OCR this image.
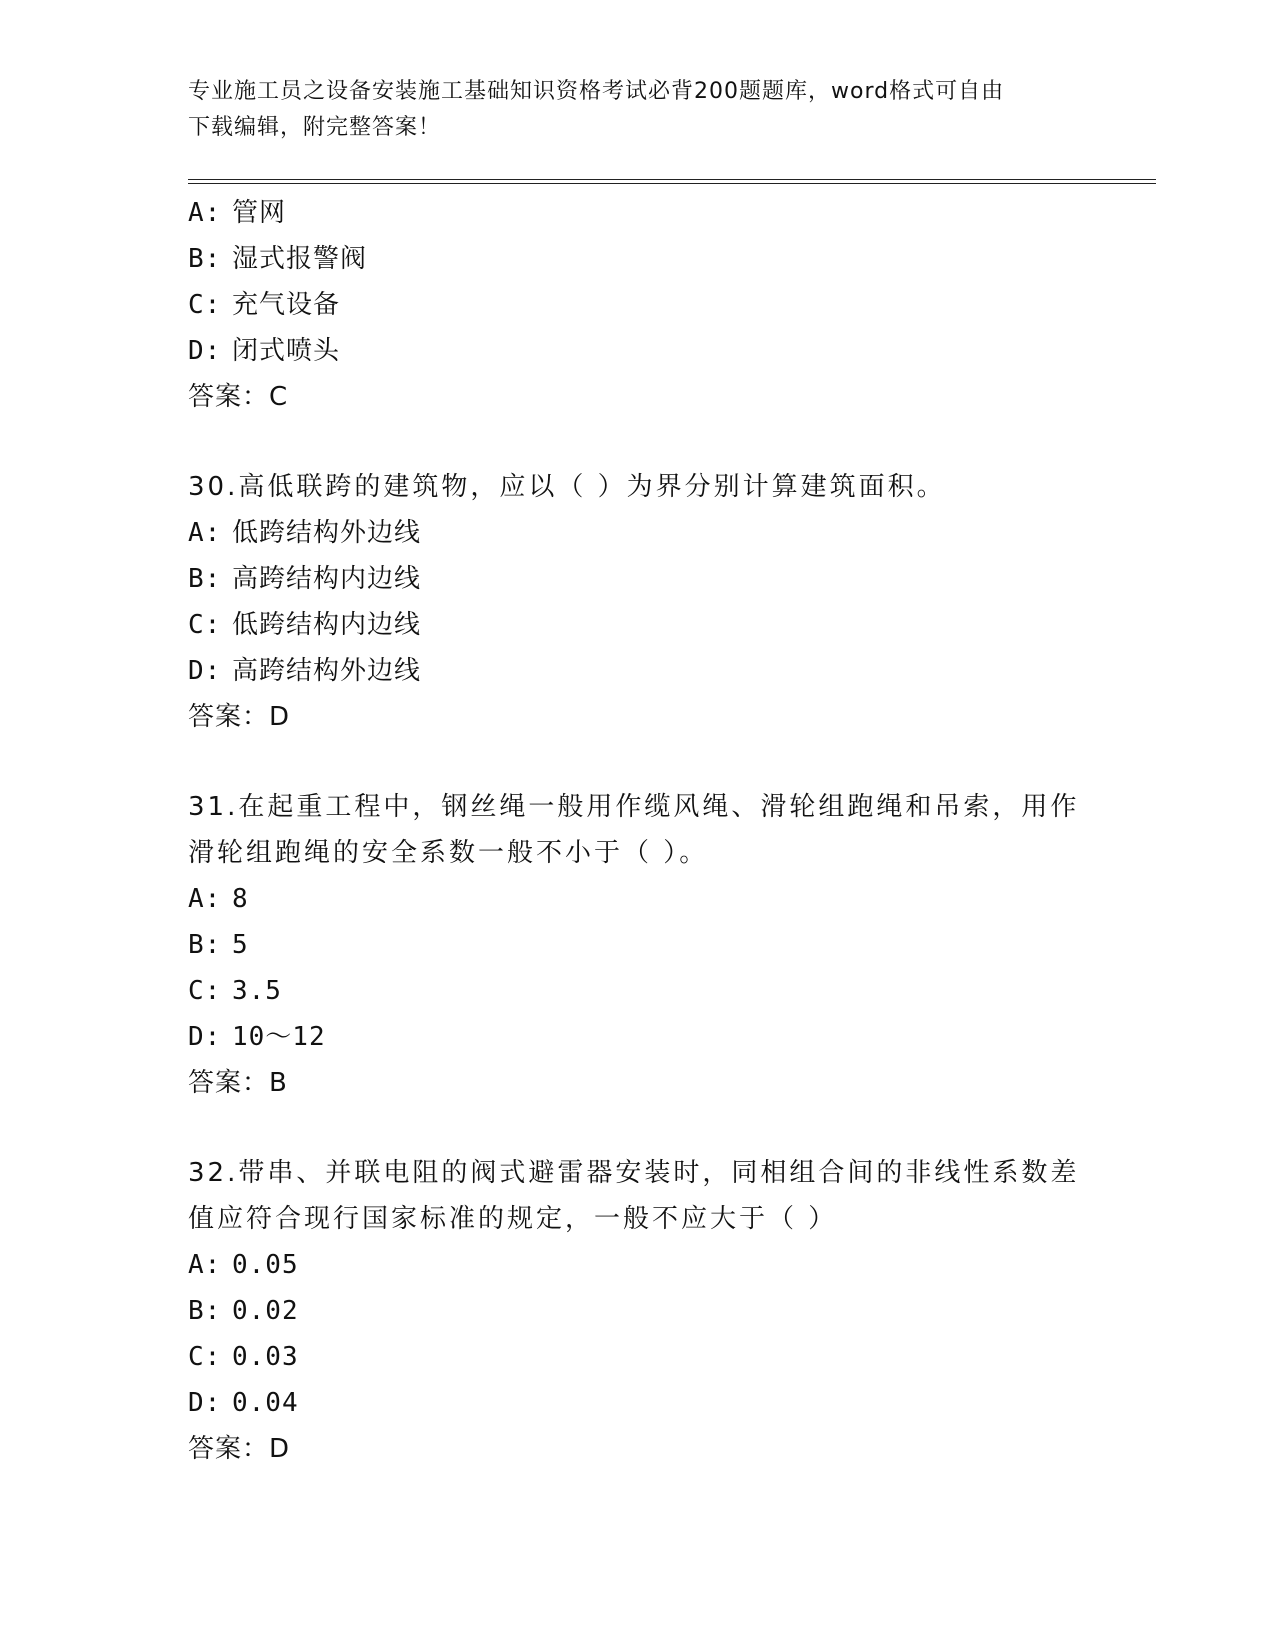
专业施工员之设备安装施工基础知识资格考试必背200题题库，word格式可自由
下载编辑，附完整答案！
A: 管网
B: 湿式报警阀
C: 充气设备
D: 闭式喷头
答案：C
30.高低联跨的建筑物，应以（ ）为界分别计算建筑面积。
A: 低跨结构外边线
B: 高跨结构内边线
C: 低跨结构内边线
D: 高跨结构外边线
答案：D
31.在起重工程中，钢丝绳一般用作缆风绳、滑轮组跑绳和吊索，用作
滑轮组跑绳的安全系数一般不小于（ ）。
A: 8
B: 5
C: 3.5
D: 10～12
答案：B
32.带串、并联电阻的阀式避雷器安装时，同相组合间的非线性系数差
值应符合现行国家标准的规定，一般不应大于（ ）
A: 0.05
B: 0.02
C: 0.03
D: 0.04
答案：D
